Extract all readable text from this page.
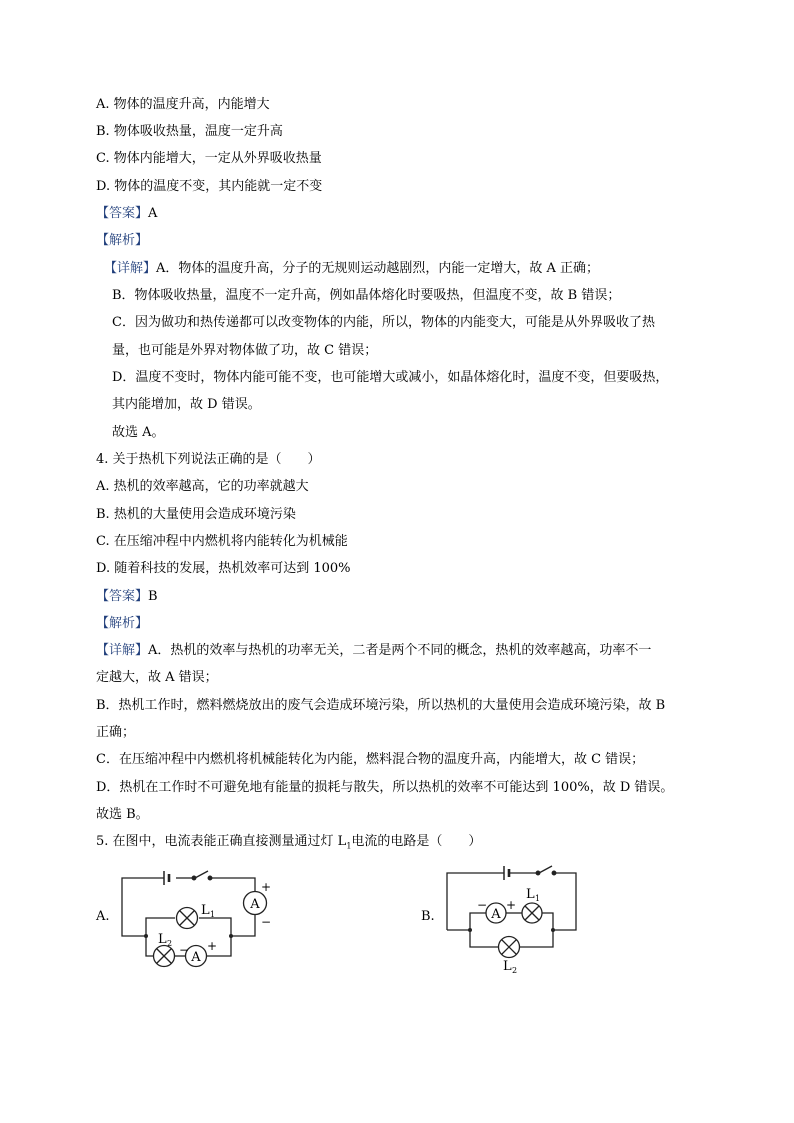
A. 物体的温度升高，内能增大
B. 物体吸收热量，温度一定升高
C. 物体内能增大，一定从外界吸收热量
D. 物体的温度不变，其内能就一定不变
【答案】A
【解析】
【详解】A．物体的温度升高，分子的无规则运动越剧烈，内能一定增大，故 A 正确；
B．物体吸收热量，温度不一定升高，例如晶体熔化时要吸热，但温度不变，故 B 错误；
C．因为做功和热传递都可以改变物体的内能，所以，物体的内能变大，可能是从外界吸收了热
量，也可能是外界对物体做了功，故 C 错误；
D．温度不变时，物体内能可能不变，也可能增大或减小，如晶体熔化时，温度不变，但要吸热，
其内能增加，故 D 错误。
故选 A。
4. 关于热机下列说法正确的是（　　）
A. 热机的效率越高，它的功率就越大
B. 热机的大量使用会造成环境污染
C. 在压缩冲程中内燃机将内能转化为机械能
D. 随着科技的发展，热机效率可达到 100%
【答案】B
【解析】
【详解】A．热机的效率与热机的功率无关，二者是两个不同的概念，热机的效率越高，功率不一
定越大，故 A 错误；
B．热机工作时，燃料燃烧放出的废气会造成环境污染，所以热机的大量使用会造成环境污染，故 B
正确；
C．在压缩冲程中内燃机将机械能转化为内能，燃料混合物的温度升高，内能增大，故 C 错误；
D．热机在工作时不可避免地有能量的损耗与散失，所以热机的效率不可能达到 100%，故 D 错误。
故选 B。
5. 在图中，电流表能正确直接测量通过灯 $L_1$电流的电路是（　　）
A.
A
+
−
A
− +
L 1
L 2
B.	A
− +
L 1
L 2
